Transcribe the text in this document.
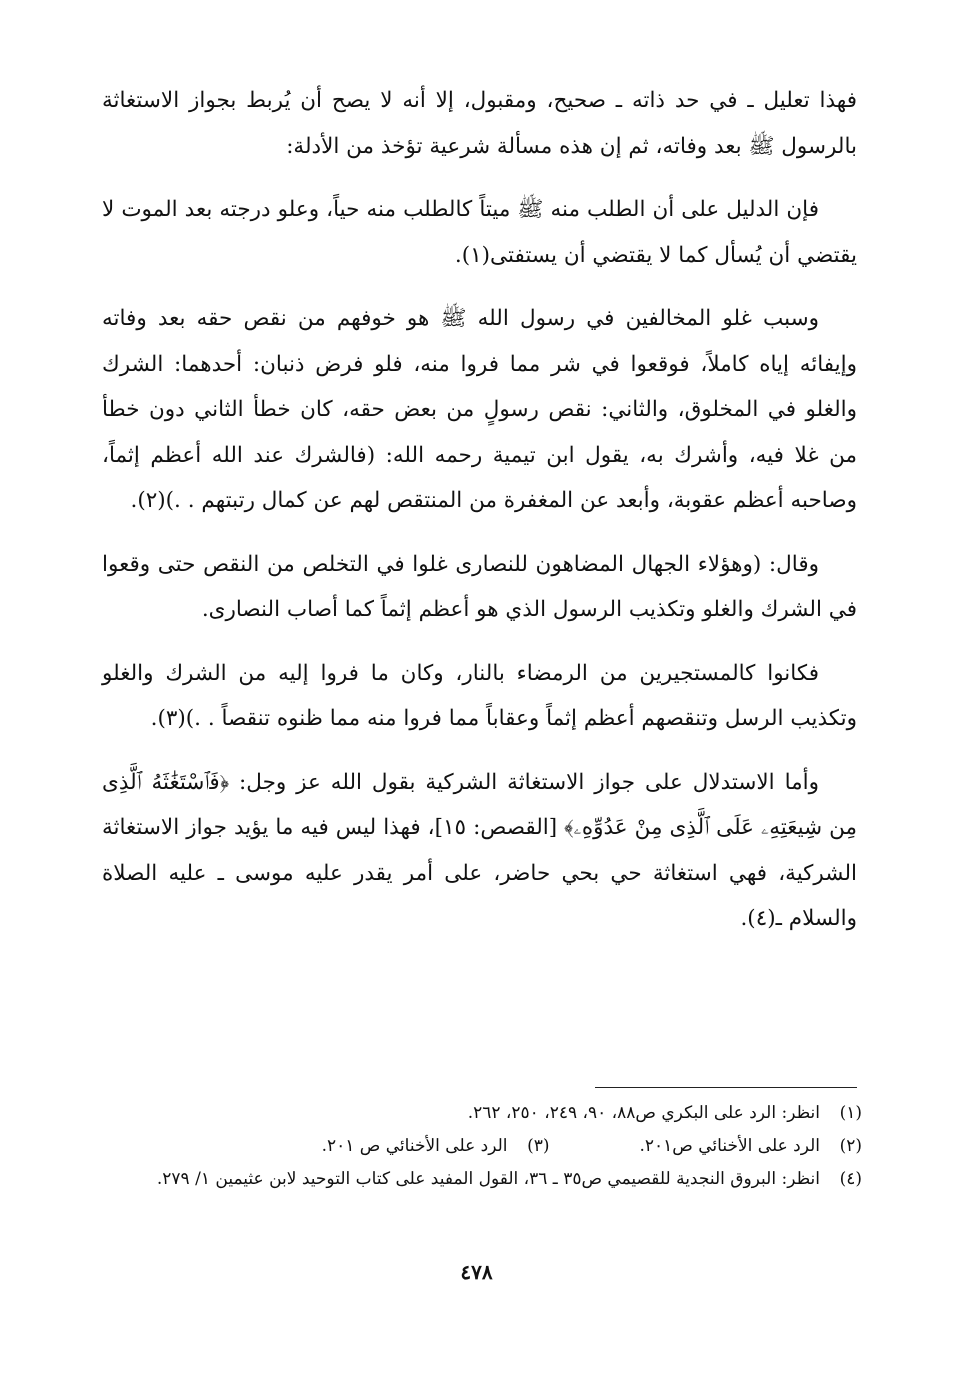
فهذا تعليل ـ في حد ذاته ـ صحيح، ومقبول، إلا أنه لا يصح أن يُربط بجواز الاستغاثة بالرسول ﷺ بعد وفاته، ثم إن هذه مسألة شرعية تؤخذ من الأدلة:

فإن الدليل على أن الطلب منه ﷺ ميتاً كالطلب منه حياً، وعلو درجته بعد الموت لا يقتضي أن يُسأل كما لا يقتضي أن يستفتى(١).

وسبب غلو المخالفين في رسول الله ﷺ هو خوفهم من نقص حقه بعد وفاته وإيفائه إياه كاملاً، فوقعوا في شر مما فروا منه، فلو فرض ذنبان: أحدهما: الشرك والغلو في المخلوق، والثاني: نقص رسولٍ من بعض حقه، كان خطأ الثاني دون خطأ من غلا فيه، وأشرك به، يقول ابن تيمية رحمه الله: (فالشرك عند الله أعظم إثماً، وصاحبه أعظم عقوبة، وأبعد عن المغفرة من المنتقص لهم عن كمال رتبتهم . .)(٢).

وقال: (وهؤلاء الجهال المضاهون للنصارى غلوا في التخلص من النقص حتى وقعوا في الشرك والغلو وتكذيب الرسول الذي هو أعظم إثماً كما أصاب النصارى.

فكانوا كالمستجيرين من الرمضاء بالنار، وكان ما فروا إليه من الشرك والغلو وتكذيب الرسل وتنقصهم أعظم إثماً وعقاباً مما فروا منه مما ظنوه تنقصاً . .)(٣).

وأما الاستدلال على جواز الاستغاثة الشركية بقول الله عز وجل: ﴿فَٱسْتَغَٰثَهُ ٱلَّذِى مِن شِيعَتِهِۦ عَلَى ٱلَّذِى مِنْ عَدُوِّهِۦ﴾ [القصص: ١٥]، فهذا ليس فيه ما يؤيد جواز الاستغاثة الشركية، فهي استغاثة حي بحي حاضر، على أمر يقدر عليه موسى ـ عليه الصلاة والسلام ـ(٤).

(١)
انظر: الرد على البكري ص٨٨، ٩٠، ٢٤٩، ٢٥٠، ٢٦٢.
(٢)
الرد على الأخنائي ص٢٠١.
(٣)
الرد على الأخنائي ص ٢٠١.
(٤)
انظر: البروق النجدية للقصيمي ص٣٥ ـ ٣٦، القول المفيد على كتاب التوحيد لابن عثيمين ١/ ٢٧٩.
٤٧٨
